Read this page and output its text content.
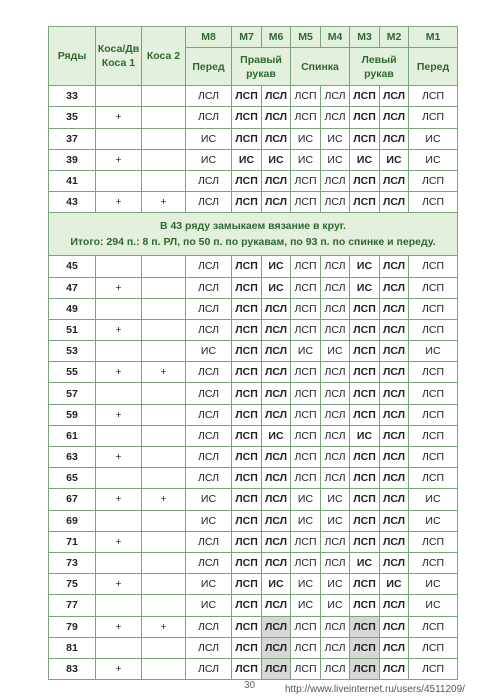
Ряды	Коса/Дв Коса 1	Коса 2	М8	М7	М6	М5	М4	М3	М2	М1
			Перед	Правый рукав		Спинка		Левый рукав		Перед
33			ЛСЛ	ЛСП	ЛСЛ	ЛСП	ЛСЛ	ЛСП	ЛСЛ	ЛСП
35	+		ЛСЛ	ЛСП	ЛСЛ	ЛСП	ЛСЛ	ЛСП	ЛСЛ	ЛСП
37			ИС	ЛСП	ЛСЛ	ИС	ИС	ЛСП	ЛСЛ	ИС
39	+		ИС	ИС	ИС	ИС	ИС	ИС	ИС	ИС
41			ЛСЛ	ЛСП	ЛСЛ	ЛСП	ЛСЛ	ЛСП	ЛСЛ	ЛСП
43	+	+	ЛСЛ	ЛСП	ЛСЛ	ЛСП	ЛСЛ	ЛСП	ЛСЛ	ЛСП

В 43 ряду замыкаем вязание в круг.
Итого: 294 п.: 8 п. РЛ, по 50 п. по рукавам, по 93 п. по спинке и переду.										

45			ЛСЛ	ЛСП	ИС	ЛСП	ЛСЛ	ИС	ЛСЛ	ЛСП
47	+		ЛСЛ	ЛСП	ИС	ЛСП	ЛСЛ	ИС	ЛСЛ	ЛСП
49			ЛСЛ	ЛСП	ЛСЛ	ЛСП	ЛСЛ	ЛСП	ЛСЛ	ЛСП
51	+		ЛСЛ	ЛСП	ЛСЛ	ЛСП	ЛСЛ	ЛСП	ЛСЛ	ЛСП
53			ИС	ЛСП	ЛСЛ	ИС	ИС	ЛСП	ЛСЛ	ИС
55	+	+	ЛСЛ	ЛСП	ЛСЛ	ЛСП	ЛСЛ	ЛСП	ЛСЛ	ЛСП
57			ЛСЛ	ЛСП	ЛСЛ	ЛСП	ЛСЛ	ЛСП	ЛСЛ	ЛСП
59	+		ЛСЛ	ЛСП	ЛСЛ	ЛСП	ЛСЛ	ЛСП	ЛСЛ	ЛСП
61			ЛСЛ	ЛСП	ИС	ЛСП	ЛСЛ	ИС	ЛСЛ	ЛСП
63	+		ЛСЛ	ЛСП	ЛСЛ	ЛСП	ЛСЛ	ЛСП	ЛСЛ	ЛСП
65			ЛСЛ	ЛСП	ЛСЛ	ЛСП	ЛСЛ	ЛСП	ЛСЛ	ЛСП
67	+	+	ИС	ЛСП	ЛСЛ	ИС	ИС	ЛСП	ЛСЛ	ИС
69			ИС	ЛСП	ЛСЛ	ИС	ИС	ЛСП	ЛСЛ	ИС
71	+		ЛСЛ	ЛСП	ЛСЛ	ЛСП	ЛСЛ	ЛСП	ЛСЛ	ЛСП
73			ЛСЛ	ЛСП	ЛСЛ	ЛСП	ЛСЛ	ИС	ЛСЛ	ЛСП
75	+		ИС	ЛСП	ИС	ИС	ИС	ЛСП	ИС	ИС
77			ИС	ЛСП	ЛСЛ	ИС	ИС	ЛСП	ЛСЛ	ИС
79	+	+	ЛСЛ	ЛСП	ЛСЛ	ЛСП	ЛСЛ	ЛСП	ЛСЛ	ЛСП
81			ЛСЛ	ЛСП	ЛСЛ	ЛСП	ЛСЛ	ЛСП	ЛСЛ	ЛСП
83	+		ЛСЛ	ЛСП	ЛСЛ	ЛСП	ЛСЛ	ЛСП	ЛСЛ	ЛСП
30	http://www.liveinternet.ru/users/4511209/
